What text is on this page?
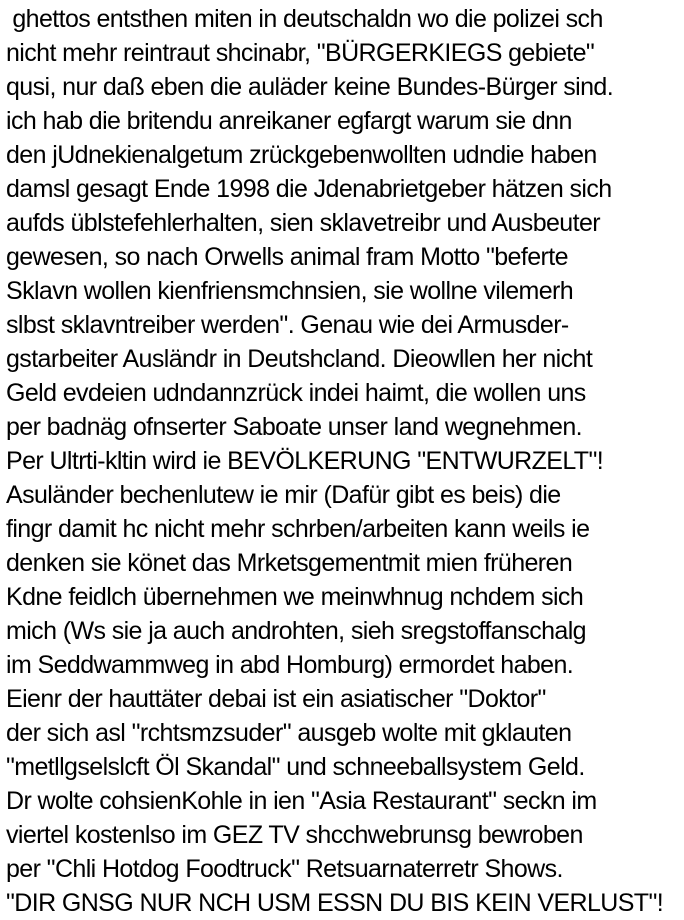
ghettos entsthen miten in deutschaldn wo die polizei sch
nicht mehr reintraut shcinabr, "BÜRGERKIEGS gebiete"
qusi, nur daß eben die auläder keine Bundes-Bürger sind.
ich hab die britendu anreikaner egfargt warum sie dnn
den jUdnekienalgetum zrückgebenwollten udndie haben
damsl gesagt Ende 1998 die Jdenabrietgeber hätzen sich
aufds üblstefehlerhalten, sien sklavetreibr und Ausbeuter
gewesen, so nach Orwells animal fram Motto "beferte
Sklavn wollen kienfriensmchnsien, sie wollne vilemerh
slbst sklavntreiber werden". Genau wie dei Armusder-
gstarbeiter Ausländr in Deutshcland. Dieowllen her nicht
Geld evdeien udndannzrück indei haimt, die wollen uns
per badnäg ofnserter Saboate unser land wegnehmen.
Per Ultrti-kltin wird ie BEVÖLKERUNG "ENTWURZELT"!
Asuländer bechenlutew ie mir (Dafür gibt es beis) die
fingr damit hc nicht mehr schrben/arbeiten kann weils ie
denken sie könet das Mrketsgementmit mien früheren
Kdne feidlch übernehmen we meinwhnug nchdem sich
mich (Ws sie ja auch androhten, sieh sregstoffanschalg
im Seddwammweg in abd Homburg) ermordet haben.
Eienr der hauttäter debai ist ein asiatischer "Doktor"
der sich asl "rchtsmzsuder" ausgeb wolte mit gklauten
"metllgselslcft Öl Skandal" und schneeballsystem Geld.
Dr wolte cohsienKohle in ien "Asia Restaurant" seckn im
viertel kostenlso im GEZ TV shcchwebrunsg bewroben
per "Chli Hotdog Foodtruck" Retsuarnaterretr Shows.
"DIR GNSG NUR NCH USM ESSN DU BIS KEIN VERLUST"!
